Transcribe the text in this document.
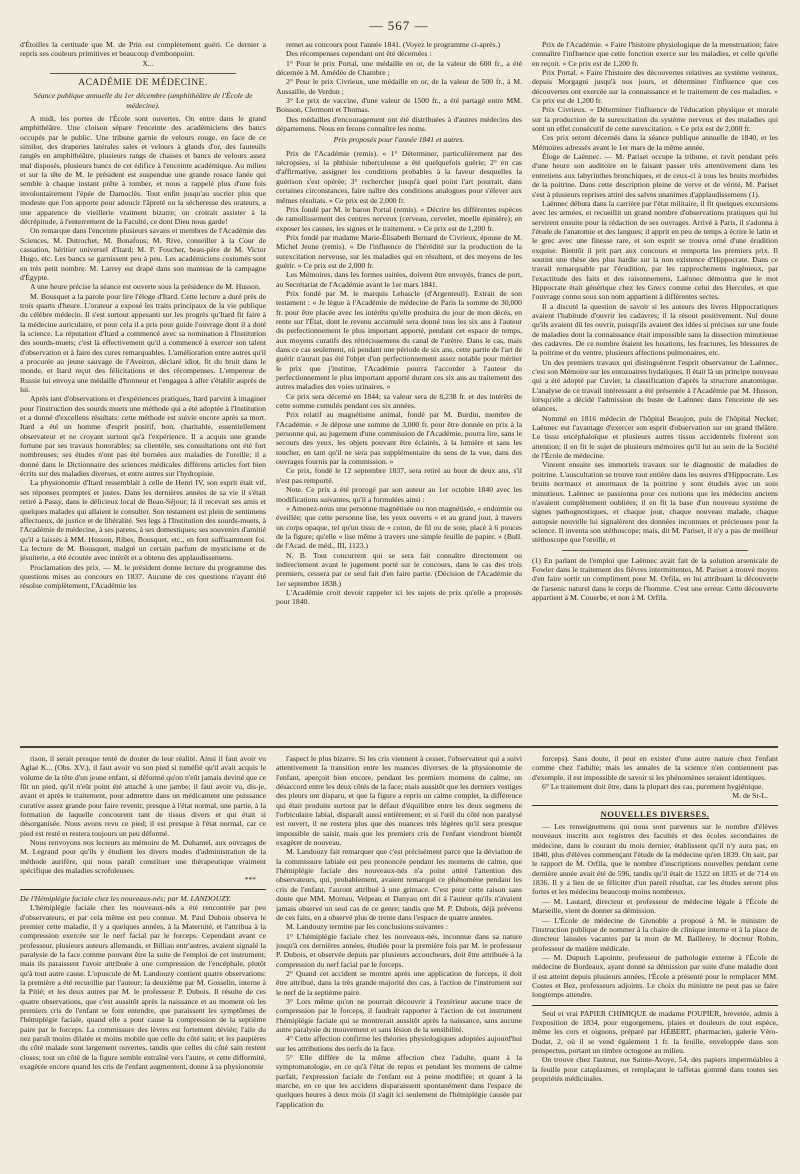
— 567 —

d'Étoilles la certitude que M. de Prin est complètement guéri. Ce dernier a repris ses couleurs primitives et beaucoup d'embonpoint.

X...

ACADÉMIE DE MÉDECINE.
Séance publique annuelle du 1er décembre (amphithéâtre de l'École de médecine).

A midi, les portes de l'École sont ouvertes. On entre dans le grand amphithéâtre. Une cloison sépare l'enceinte des académiciens des bancs occupés par le public. Une tribune garnie de velours rouge, en face de ce similor, des draperies latérales sales et velours à glands d'or, des fauteuils rangés en amphithéâtre, plusieurs rangs de chaises et bancs de velours assez mal disposés, plusieurs bancs de cet édifice à l'enceinte académique. Au milieu et sur la tête de M. le président est suspendue une grande rosace fanée qui semble à chaque instant prête à tomber, et nous a rappelé plus d'une fois involontairement l'épée de Damoclès. Tout enfin jusqu'au sucrier plus que modeste que l'on apporte pour adoucir l'âpreté ou la sécheresse des orateurs, a une apparence de vieillerie vraiment bizarre; on croirait assister à la décrépitude, à l'enterrement de la Faculté, ce dont Dieu nous garde!

On remarque dans l'enceinte plusieurs savans et membres de l'Académie des Sciences, M. Dutrochet, M. Bonafous; M. Rive, conseiller à la Cour de cassation, héritier universel d'Itard; M. P. Foucher, beau-père de M. Victor Hugo, etc. Les bancs se garnissent peu à peu. Les académiciens costumés sont en très petit nombre. M. Larrey est drapé dans son manteau de la campagne d'Égypte.

A une heure précise la séance est ouverte sous la présidence de M. Husson.

M. Bousquet a la parole pour lire l'éloge d'Itard. Cette lecture a duré près de trois quarts d'heure. L'orateur a exposé les traits principaux de la vie publique du célèbre médecin. Il s'est surtout appesanti sur les progrès qu'Itard fit faire à la médecine auriculaire, et pour cela il a pris pour guide l'ouvrage dont il a doté la science. La réputation d'Itard a commencé avec sa nomination à l'Institution des sourds-muets; c'est là effectivement qu'il a commencé à exercer son talent d'observation et à faire des cures remarquables. L'amélioration entre autres qu'il a procurée au jeune sauvage de l'Aveiron, déclaré idiot, fit du bruit dans le monde, et Itard reçut des félicitations et des récompenses. L'empereur de Russie lui envoya une médaille d'honneur et l'engagea à aller s'établir auprès de lui.

Après tant d'observations et d'expériences pratiques, Itard parvint à imaginer pour l'instruction des sourds muets une méthode qui a été adoptée à l'Institution et a donné d'excellens résultats: cette méthode est suivie encore après sa mort. Itard a été un homme d'esprit positif, bon, charitable, essentiellement observateur et ne croyant surtout qu'à l'expérience. Il a acquis une grande fortune par ses travaux honorables; sa clientèle, ses consultations ont été fort nombreuses; ses études n'ont pas été bornées aux maladies de l'oreille; il a donné dans le Dictionnaire des sciences médicales différens articles fort bien écrits sur des maladies diverses, et entre autres sur l'hydropisie.

La physionomie d'Itard ressemblait à celle de Henri IV, son esprit était vif, ses réponses promptes et justes. Dans les dernières années de sa vie il s'était retiré à Passy, dans le délicieux local de Beau-Séjour; là il recevait ses amis et quelques malades qui allaient le consulter. Son testament est plein de sentimens affectueux, de justice et de libéralité. Ses legs à l'Institution des sourds-muets, à l'Académie de médecine, à ses parens, à ses domestiques; ses souvenirs d'amitié qu'il a laissés à MM. Husson, Ribes, Bousquet, etc., en font suffisamment foi. La lecture de M. Bousquet, malgré un certain parfum de mysticisme et de jésuiterie, a été écoutée avec intérêt et a obtenu des applaudissemens.

Proclamation des prix. — M. le président donne lecture du programme des questions mises au concours en 1837. Aucune de ces questions n'ayant été résolue complètement, l'Académie les

remet au concours pour l'année 1841. (Voyez le programme ci-après.)

Des récompenses cependant ont été décernées :

1° Pour le prix Portal, une médaille en or, de la valeur de 600 fr., a été décernée à M. Amédée de Chambre ;

2° Pour le prix Civrieux, une médaille en or, de la valeur de 500 fr., à M. Aussaille, de Verdun ;

3° Le prix de vaccine, d'une valeur de 1500 fr., a été partagé entre MM. Boisson, Clermont et Thomas.

Des médailles d'encouragement ont été distribuées à d'autres médecins des départemens. Nous en ferons connaître les noms.

Prix proposés pour l'année 1841 et autres.

Prix de l'Académie (remis). « 1° Déterminer, particulièrement par des nécropsies, si la phthisie tuberculeuse a été quelquefois guérie; 2° en cas d'affirmative, assigner les conditions probables à la faveur desquelles la guérison s'est opérée; 3° rechercher jusqu'à quel point l'art pourrait, dans certaines circonstances, faire naître des conditions analogues pour s'élever aux mêmes résultats. » Ce prix est de 2,000 fr.

Prix fondé par M. le baron Portal (remis). « Décrire les différentes espèces de ramollissement des centres nerveux (cerveau, cervelet, moelle épinière); en exposer les causes, les signes et le traitement. » Ce prix est de 1,200 fr.

Prix fondé par madame Marie-Élisabeth Bernard de Civrieux, épouse de M. Michel Jeune (remis). « De l'influence de l'hérédité sur la production de la surexcitation nerveuse, sur les maladies qui en résultent, et des moyens de les guérir. » Ce prix est de 2,000 fr.

Les Mémoires, dans les formes usitées, doivent être envoyés, francs de port, au Secrétariat de l'Académie avant le 1er mars 1841.

Prix fondé par M. le marquis Lebascle (d'Argenteuil). Extrait de son testament : « Je lègue à l'Académie de médecine de Paris la somme de 30,000 fr. pour être placée avec les intérêts qu'elle produira du jour de mon décès, en rente sur l'État, dont le revenu accumulé sera donné tous les six ans à l'auteur du perfectionnement le plus important apporté, pendant cet espace de temps, aux moyens curatifs des rétrécissemens du canal de l'urètre. Dans le cas, mais dans ce cas seulement, où pendant une période de six ans, cette partie de l'art de guérir n'aurait pas été l'objet d'un perfectionnement assez notable pour mériter le prix que j'institue, l'Académie pourra l'accorder à l'auteur du perfectionnement le plus important apporté durant ces six ans au traitement des autres maladies des voies urinaires. »

Ce prix sera décerné en 1844; sa valeur sera de 8,238 fr. et des intérêts de cette somme cumulés pendant ces six années.

Prix relatif au magnétisme animal, fondé par M. Burdin, membre de l'Académie. « Je dépose une somme de 3,000 fr. pour être donnée en prix à la personne qui, au jugement d'une commission de l'Académie, pourra lire, sans le secours des yeux, les objets pouvant être éclairés, à la lumière et sans les toucher, en tant qu'il ne sera pas supplémentaire du sens de la vue, dans des ouvrages fournis par la commission. »

Ce prix, fondé le 12 septembre 1837, sera retiré au bout de deux ans, s'il n'est pas remporté.

Note. Ce prix a été prorogé par son auteur au 1er octobre 1840 avec les modifications suivantes, qu'il a formulées ainsi :

« Amenez-nous une personne magnétisée ou non magnétisée, « endormie ou éveillée; que cette personne lise, les yeux ouverts « et au grand jour, à travers un corps opaque, tel qu'un tissu de « coton, de fil ou de soie, placé à 6 pouces de la figure; qu'elle « lise même à travers une simple feuille de papier. » (Bull. de l'Acad. de méd., III, 1123.)

N. B. Tout concurrent qui se sera fait connaître directement ou indirectement avant le jugement porté sur le concours, dans le cas des trois premiers, cessera par ce seul fait d'en faire partie. (Décision de l'Académie du 1er septembre 1838.)

L'Académie croit devoir rappeler ici les sujets de prix qu'elle a proposés pour 1840.

Prix de l'Académie. « Faire l'histoire physiologique de la menstruation; faire connaître l'influence que cette fonction exerce sur les maladies, et celle qu'elle en reçoit. » Ce prix est de 1,200 fr.

Prix Portal. « Faire l'histoire des découvertes relatives au système veineux, depuis Morgagni jusqu'à nos jours, et déterminer l'influence que ces découvertes ont exercée sur la connaissance et le traitement de ces maladies. » Ce prix est de 1,200 fr.

Prix Civrieux. « Déterminer l'influence de l'éducation physique et morale sur la production de la surexcitation du système nerveux et des maladies qui sont un effet consécutif de cette surexcitation. » Ce prix est de 2,000 fr.

Ces prix seront décernés dans la séance publique annuelle de 1840, et les Mémoires adressés avant le 1er mars de la même année.

Éloge de Laënnec. — M. Pariset occupe la tribune, et ravit pendant près d'une heure son auditoire en le faisant passer très attentivement dans les entretiens aux labyrinthes bronchiques, et de ceux-ci à tous les bruits morbides de la poitrine. Dans cette description pleine de verve et de vérité, M. Pariset s'est à plusieurs reprises attiré des salves unanimes d'applaudissemens (1).

Laënnec débuta dans la carrière par l'état militaire, il fit quelques excursions avec les armées, et recueillit un grand nombre d'observations pratiques qui lui servirent ensuite pour la rédaction de ses ouvrages. Arrivé à Paris, il s'adonna à l'étude de l'anatomie et des langues; il apprit en peu de temps à écrire le latin et le grec avec une finesse rare, et son esprit se trouva orné d'une érudition exquise. Bientôt il prit part aux concours et remporta les premiers prix. Il soutint une thèse des plus hardie sur la non existence d'Hippocrate. Dans ce travail remarquable par l'érudition, par les rapprochemens ingénieux, par l'exactitude des faits et des raisonnemens, Laënnec démontra que le mot Hippocrate était générique chez les Grecs comme celui des Hercules, et que l'ouvrage connu sous son nom appartient à différentes sectes.

Il a discuté la question de savoir si les auteurs des livres Hippocratiques avaient l'habitude d'ouvrir les cadavres; il la résout positivement. Nul doute qu'ils avaient dû les ouvrir, puisqu'ils avaient des idées si précises sur une foule de maladies dont la connaissance était impossible sans la dissection minutieuse des cadavres. De ce nombre étaient les luxations, les fractures, les blessures de la poitrine et du ventre, plusieurs affections pulmonaires, etc.

Un des premiers travaux qui distinguèrent l'esprit observateur de Laënnec, c'est son Mémoire sur les entozoaires hydatiques. Il était là un principe nouveau qui a été adopté par Cuvier, la classification d'après la structure anatomique. L'analyse de ce travail intéressant a été présentée à l'Académie par M. Husson, lorsqu'elle a décidé l'admission du buste de Laënnec dans l'enceinte de ses séances.

Nommé en 1816 médecin de l'hôpital Beaujon, puis de l'hôpital Necker, Laënnec eut l'avantage d'exercer son esprit d'observation sur un grand théâtre. Le tissu encéphaloïque et plusieurs autres tissus accidentels fixèrent son attention; il en fit le sujet de plusieurs mémoires qu'il lut au sein de la Société de l'École de médecine.

Vinrent ensuite ses immortels travaux sur le diagnostic de maladies de poitrine. L'auscultation se trouve tout entière dans les œuvres d'Hippocrate. Les bruits normaux et anormaux de la poitrine y sont étudiés avec un soin minutieux. Laënnec se passionna pour ces notions que les médecins anciens n'avaient complètement oubliées; il en fit la base d'un nouveau système de signes pathognostiques, et chaque jour, chaque nouveau malade, chaque autopsie nouvelle lui signalèrent des données inconnues et précieuses pour la science. Il inventa son stéthoscope; mais, dit M. Pariset, il n'y a pas de meilleur stéthoscope que l'oreille, et

(1) En parlant de l'emploi que Laënnec avait fait de la solution arsenicale de Fowler dans le traitement des fièvres intermittentes, M. Pariset a trouvé moyen d'en faire sortir un compliment pour M. Orfila, en lui attribuant la découverte de l'arsenic naturel dans le corps de l'homme. C'est une erreur. Cette découverte appartient à M. Couerbe, et non à M. Orfila.

rison, il serait presque tenté de douter de leur réalité. Ainsi il faut avoir vu Aglaé K... (Obs. XV.), il faut avoir vu son pied si tuméfié qu'il avait acquis le volume de la tête d'un jeune enfant, si déformé qu'on n'eût jamais deviné que ce fût un pied, qu'il n'eût point été attaché à une jambe; il faut avoir vu, dis-je, avant et après le traitement, pour admettre dans un médicament une puissance curative assez grande pour faire revenir, presque à l'état normal, une partie, à la formation de laquelle concourent tant de tissus divers et qui était si désorganisée. Nous avons revu ce pied; il est presque à l'état normal, car ce pied est resté et restera toujours un peu déformé.

Nous renvoyons nos lecteurs au mémoire de M. Duhamel, aux ouvrages de M. Legrand pour qu'ils y étudient les divers modes d'administration de la méthode aurifère, qui nous paraît constituer une thérapeutique vraiment spécifique des maladies scrofuleuses.

***

De l'Hémiplégie faciale chez les nouveaux-nés; par M. LANDOUZY.

L'hémiplégie faciale chez les nouveaux-nés a été rencontrée par peu d'observateurs, et par cela même est peu connue. M. Paul Dubois observa le premier cette maladie, il y a quelques années, à la Maternité, et l'attribua à la compression exercée sur le nerf facial par le forceps. Cependant avant ce professeur, plusieurs auteurs allemands, et Billiau entr'autres, avaient signalé la paralysie de la face comme pouvant être la suite de l'emploi de cet instrument; mais ils paraissent l'avoir attribuée à une compression de l'encéphale, plutôt qu'à tout autre cause. L'opuscule de M. Landouzy contient quatre observations: la première a été recueillie par l'auteur; la deuxième par M. Gosselin, interne à la Pitié; et les deux autres par M. le professeur P. Dubois. Il résulte de ces quatre observations, que c'est aussitôt après la naissance et au moment où les premiers cris de l'enfant se font entendre, que paraissent les symptômes de l'hémiplégie faciale, quand elle a pour cause la compression de la septième paire par le forceps. La commissure des lèvres est fortement déviée; l'aile du nez paraît moins dilatée et moins mobile que celle du côté sain; et les paupières du côté malade sont largement ouvertes, tandis que celles du côté sain restent closes; tout un côté de la figure semble entraîné vers l'autre, et cette difformité, exagérée encore quand les cris de l'enfant augmentent, donne à sa physionomie

l'aspect le plus bizarre. Si les cris viennent à cesser, l'observateur qui a suivi attentivement la transition entre les nuances diverses de la physionomie de l'enfant, aperçoit bien encore, pendant les premiers momens de calme, un désaccord entre les deux côtés de la face; mais aussitôt que les derniers vestiges des pleurs ont disparu, et que la figure a repris un calme complet, la différence qui était produite surtout par le défaut d'équilibre entre les deux segmens de l'orbiculaire labial, disparaît aussi entièrement; et si l'œil du côté non paralysé est ouvert, il ne restera plus que des nuances très légères qu'il sera presque impossible de saisir, mais que les premiers cris de l'enfant viendront bientôt exagérer de nouveau.

M. Landouzy fait remarquer que c'est précisément parce que la déviation de la commissure labiale est peu prononcée pendant les momens de calme, que l'hémiplégie faciale des nouveaux-nés n'a point attiré l'attention des observateurs, qui, probablement, avaient remarqué ce phénomène pendant les cris de l'enfant, l'auront attribué à une grimace. C'est pour cette raison sans doute que MM. Moreau, Velpeau et Danyau ont dit à l'auteur qu'ils n'avaient jamais observé un seul cas de ce genre; tandis que M. P. Dubois, déjà prévenu de ces faits, en a observé plus de trente dans l'espace de quatre années.

M. Landouzy termine par les conclusions suivantes :

1° L'hémiplégie faciale chez les nouveaux-nés, inconnue dans sa nature jusqu'à ces dernières années, étudiée pour la première fois par M. le professeur P. Dubois, et observée depuis par plusieurs accoucheurs, doit être attribuée à la compression du nerf facial par le forceps.

2° Quand cet accident se montre après une application de forceps, il doit être attribué, dans la très grande majorité des cas, à l'action de l'instrument sur le nerf de la septième paire.

3° Lors même qu'on ne pourrait découvrir à l'extérieur aucune trace de compression par le forceps, il faudrait rapporter à l'action de cet instrument l'hémiplégie faciale qui se montrerait aussitôt après la naissance, sans aucune autre paralysie du mouvement et sans lésion de la sensibilité.

4° Cette affection confirme les théories physiologiques adoptées aujourd'hui sur les attributions des nerfs de la face.

5° Elle diffère de la même affection chez l'adulte, quant à la symptomatologie, en ce qu'à l'état de repos et pendant les momens de calme parfait, l'expression faciale de l'enfant est à peine modifiée; et quant à la marche, en ce que les accidens disparaissent spontanément dans l'espace de quelques heures à deux mois (il s'agit ici seulement de l'hémiplégie causée par l'application du

forceps). Sans doute, il peut en exister d'une autre nature chez l'enfant comme chez l'adulte; mais les annales de la science n'en contiennent pas d'exemple, il est impossible de savoir si les phénomènes seraient identiques.

6° Le traitement doit être, dans la plupart des cas, purement hygiénique.

M. de Sr-L.

NOUVELLES DIVERSES.

— Les renseignemens qui nous sont parvenus sur le nombre d'élèves nouveaux inscrits aux registres des facultés et des écoles secondaires de médecine, dans le courant du mois dernier, établissent qu'il n'y aura pas, en 1840, plus d'élèves commençant l'étude de la médecine qu'en 1839. On sait, par le rapport de M. Orfila, que le nombre d'inscriptions nouvelles pendant cette dernière année avait été de 596, tandis qu'il était de 1522 en 1835 et de 714 en 1836. Il y a lieu de se féliciter d'un pareil résultat, car les études seront plus fortes et les médecins beaucoup moins nombreux.

— M. Lautard, directeur et professeur de médecine légale à l'École de Marseille, vient de donner sa démission.

— L'École de médecine de Grenoble a proposé à M. le ministre de l'instruction publique de nommer à la chaire de clinique interne et à la place de directeur laissées vacantes par la mort de M. Baillerey, le docteur Robin, professeur de matière médicale.

— M. Dupuch Lapointe, professeur de pathologie externe à l'École de médecine de Bordeaux, ayant donné sa démission par suite d'une maladie dont il est atteint depuis plusieurs années, l'École a présenté pour le remplacer MM. Costes et Bez, professeurs adjoints. Le choix du ministre ne peut pas se faire longtemps attendre.

Seul et vrai PAPIER CHIMIQUE de madame POUPIER, brevetée, admis à l'exposition de 1834, pour engorgemens, plaies et douleurs de tout espèce, même les cors et oignons, préparé par HÉBERT, pharmacien, galerie Véro-Dodat, 2, où il se vend également 1 fr. la feuille, enveloppée dans son prospectus, portant un timbre octogone au milieu.

On trouve chez l'auteur, rue Sainte-Avoye, 54, des papiers imperméables à la feuille pour cataplasmes, et remplaçant le taffetas gommé dans toutes ses propriétés médicinales.
